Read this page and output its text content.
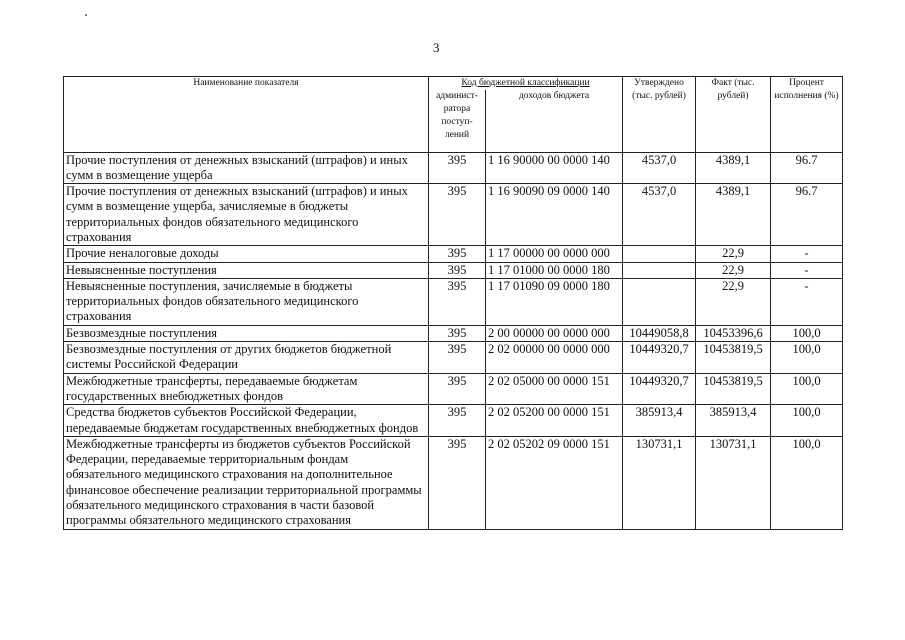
3
Наименование показателя	Код бюджетной классификации		Утверждено (тыс. рублей)	Факт (тыс. рублей)	Процент исполнения (%)
	админист-ратора поступ-лений	доходов бюджета			
Прочие поступления от денежных взысканий (штрафов) и иных сумм в возмещение ущерба	395	1 16 90000 00 0000 140	4537,0	4389,1	96.7
Прочие поступления от денежных взысканий (штрафов) и иных сумм в возмещение ущерба, зачисляемые в бюджеты территориальных фондов обязательного медицинского страхования	395	1 16 90090 09 0000 140	4537,0	4389,1	96.7
Прочие неналоговые доходы	395	1 17 00000 00 0000 000		22,9	-
Невыясненные поступления	395	1 17 01000 00 0000 180		22,9	-
Невыясненные поступления, зачисляемые в бюджеты территориальных фондов обязательного медицинского страхования	395	1 17 01090 09 0000 180		22,9	-
Безвозмездные поступления	395	2 00 00000 00 0000 000	10449058,8	10453396,6	100,0
Безвозмездные поступления от других бюджетов бюджетной системы Российской Федерации	395	2 02 00000 00 0000 000	10449320,7	10453819,5	100,0
Межбюджетные трансферты, передаваемые бюджетам государственных внебюджетных фондов	395	2 02 05000 00 0000 151	10449320,7	10453819,5	100,0
Средства бюджетов субъектов Российской Федерации, передаваемые бюджетам государственных внебюджетных фондов	395	2 02 05200 00 0000 151	385913,4	385913,4	100,0
Межбюджетные трансферты из бюджетов субъектов Российской Федерации, передаваемые территориальным фондам обязательного медицинского страхования на дополнительное финансовое обеспечение реализации территориальной программы обязательного медицинского страхования в части базовой программы обязательного медицинского страхования	395	2 02 05202 09 0000 151	130731,1	130731,1	100,0
